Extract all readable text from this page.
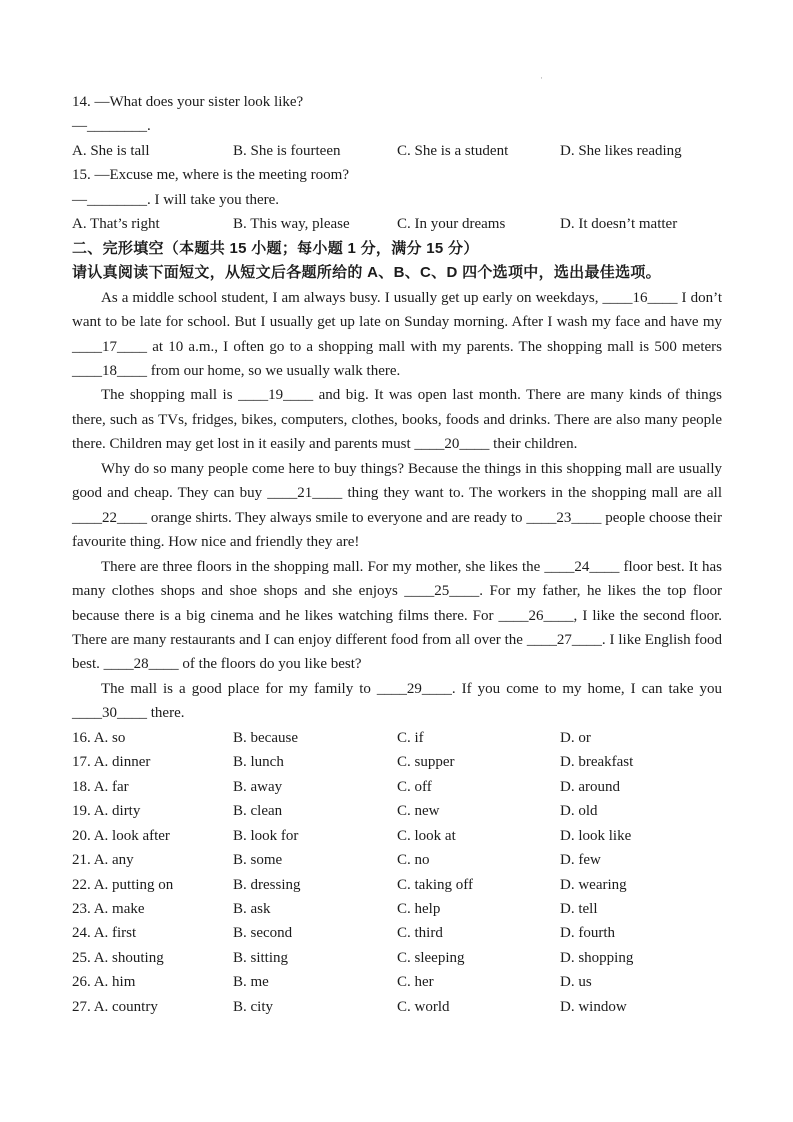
·
14. —What does your sister look like?
—________.
A. She is tall	B. She is fourteen	C. She is a student	D. She likes reading
15. —Excuse me, where is the meeting room?
—________. I will take you there.
A. That’s right	B. This way, please	C. In your dreams	D. It doesn’t matter
二、完形填空（本题共 15 小题；每小题 1 分，满分 15 分）
请认真阅读下面短文，从短文后各题所给的 A、B、C、D 四个选项中，选出最佳选项。

As a middle school student, I am always busy. I usually get up early on weekdays, ____16____ I don’t want to be late for school. But I usually get up late on Sunday morning. After I wash my face and have my ____17____ at 10 a.m., I often go to a shopping mall with my parents. The shopping mall is 500 meters ____18____ from our home, so we usually walk there.

The shopping mall is ____19____ and big. It was open last month. There are many kinds of things there, such as TVs, fridges, bikes, computers, clothes, books, foods and drinks. There are also many people there. Children may get lost in it easily and parents must ____20____ their children.

Why do so many people come here to buy things? Because the things in this shopping mall are usually good and cheap. They can buy ____21____ thing they want to. The workers in the shopping mall are all ____22____ orange shirts. They always smile to everyone and are ready to ____23____ people choose their favourite thing. How nice and friendly they are!

There are three floors in the shopping mall. For my mother, she likes the ____24____ floor best. It has many clothes shops and shoe shops and she enjoys ____25____. For my father, he likes the top floor because there is a big cinema and he likes watching films there. For ____26____, I like the second floor. There are many restaurants and I can enjoy different food from all over the ____27____. I like English food best. ____28____ of the floors do you like best?

The mall is a good place for my family to ____29____. If you come to my home, I can take you ____30____ there.

16. A. so	B. because	C. if	D. or
17. A. dinner	B. lunch	C. supper	D. breakfast
18. A. far	B. away	C. off	D. around
19. A. dirty	B. clean	C. new	D. old
20. A. look after	B. look for	C. look at	D. look like
21. A. any	B. some	C. no	D. few
22. A. putting on	B. dressing	C. taking off	D. wearing
23. A. make	B. ask	C. help	D. tell
24. A. first	B. second	C. third	D. fourth
25. A. shouting	B. sitting	C. sleeping	D. shopping
26. A. him	B. me	C. her	D. us
27. A. country	B. city	C. world	D. window
